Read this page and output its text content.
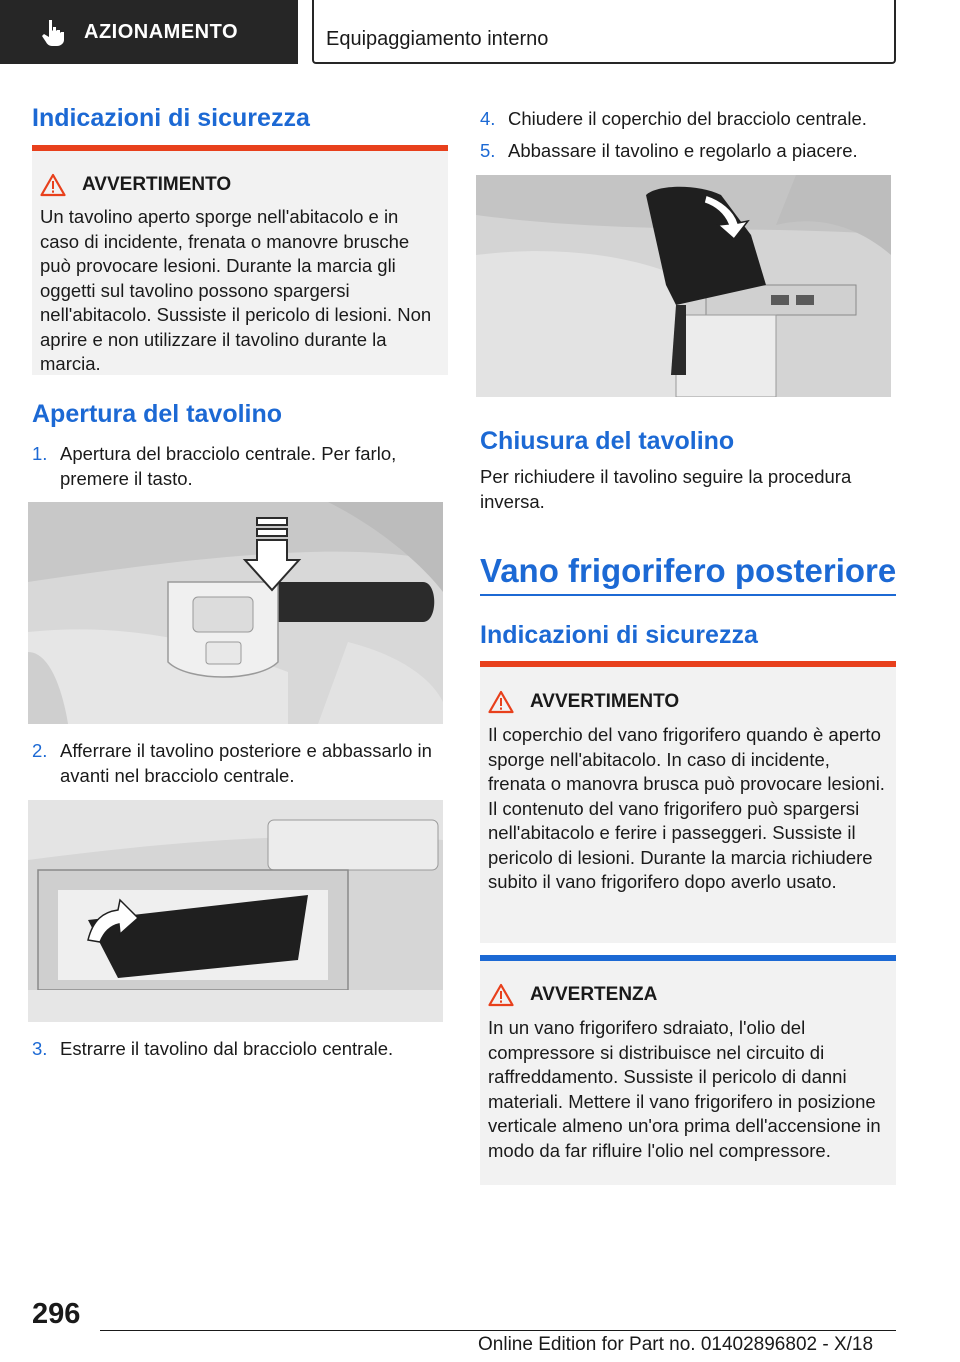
AZIONAMENTO	Equipaggiamento interno
Indicazioni di sicurezza
AVVERTIMENTO
Un tavolino aperto sporge nell'abitacolo e in caso di incidente, frenata o manovre brusche può provocare lesioni. Durante la marcia gli oggetti sul tavolino possono spargersi nell'abitacolo. Sussiste il pericolo di lesioni. Non aprire e non utilizzare il tavolino durante la marcia.
Apertura del tavolino
1. Apertura del bracciolo centrale. Per farlo, premere il tasto.
2. Afferrare il tavolino posteriore e abbassarlo in avanti nel bracciolo centrale.
3. Estrarre il tavolino dal bracciolo centrale.
4. Chiudere il coperchio del bracciolo centrale.
5. Abbassare il tavolino e regolarlo a piacere.
Chiusura del tavolino
Per richiudere il tavolino seguire la procedura inversa.
Vano frigorifero posteriore
Indicazioni di sicurezza
AVVERTIMENTO
Il coperchio del vano frigorifero quando è aperto sporge nell'abitacolo. In caso di incidente, frenata o manovra brusca può provocare lesioni. Il contenuto del vano frigorifero può spargersi nell'abitacolo e ferire i passeggeri. Sussiste il pericolo di lesioni. Durante la marcia richiudere subito il vano frigorifero dopo averlo usato.
AVVERTENZA
In un vano frigorifero sdraiato, l'olio del compressore si distribuisce nel circuito di raffreddamento. Sussiste il pericolo di danni materiali. Mettere il vano frigorifero in posizione verticale almeno un'ora prima dell'accensione in modo da far rifluire l'olio nel compressore.
296
Online Edition for Part no. 01402896802 - X/18
